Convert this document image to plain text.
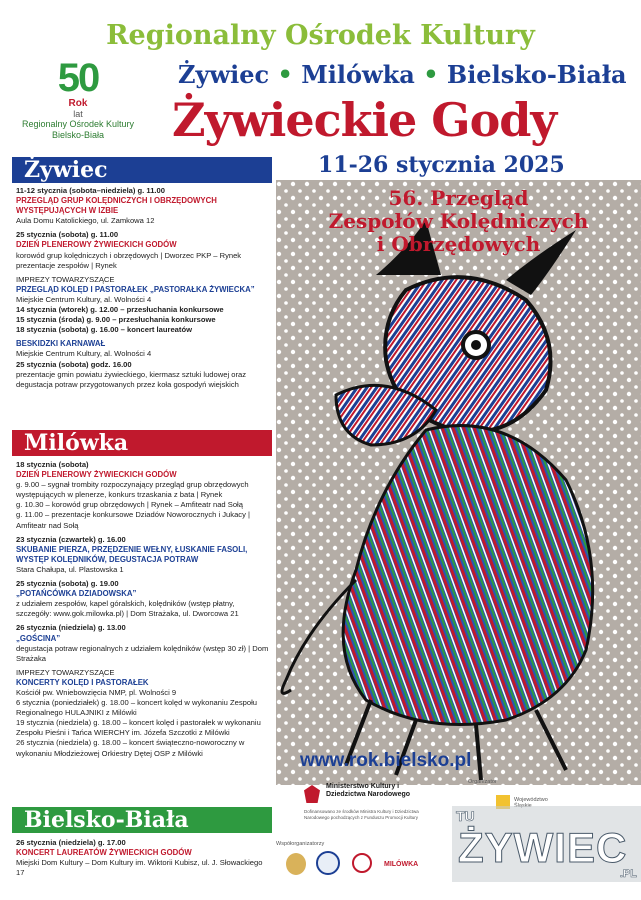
Regionalny Ośrodek Kultury
50
Rok
lat
Regionalny Ośrodek Kultury
Bielsko-Biała
Żywiec • Milówka • Bielsko-Biała
Żywieckie Gody
11-26 stycznia 2025
56. Przegląd
Zespołów Kolędniczych
i Obrzędowych
www.rok.bielsko.pl
Żywiec
11-12 stycznia (sobota–niedziela) g. 11.00
PRZEGLĄD GRUP KOLĘDNICZYCH I OBRZĘDOWYCH WYSTĘPUJĄCYCH W IZBIE
Aula Domu Katolickiego, ul. Zamkowa 12
25 stycznia (sobota) g. 11.00
DZIEŃ PLENEROWY ŻYWIECKICH GODÓW
korowód grup kolędniczych i obrzędowych | Dworzec PKP – Rynek prezentacje zespołów | Rynek
IMPREZY TOWARZYSZĄCE
PRZEGLĄD KOLĘD I PASTORAŁEK „PASTORAŁKA ŻYWIECKA”
Miejskie Centrum Kultury, al. Wolności 4
14 stycznia (wtorek) g. 12.00 – przesłuchania konkursowe
15 stycznia (środa) g. 9.00 – przesłuchania konkursowe
18 stycznia (sobota) g. 16.00 – koncert laureatów
BESKIDZKI KARNAWAŁ
Miejskie Centrum Kultury, al. Wolności 4
25 stycznia (sobota) godz. 16.00
prezentacje gmin powiatu żywieckiego, kiermasz sztuki ludowej oraz degustacja potraw przygotowanych przez koła gospodyń wiejskich
Milówka
18 stycznia (sobota)
DZIEŃ PLENEROWY ŻYWIECKICH GODÓW
g. 9.00 – sygnał trombity rozpoczynający przegląd grup obrzędowych występujących w plenerze, konkurs trzaskania z bata | Rynek
g. 10.30 – korowód grup obrzędowych | Rynek – Amfiteatr nad Sołą
g. 11.00 – prezentacje konkursowe Dziadów Noworocznych i Jukacy | Amfiteatr nad Sołą
23 stycznia (czwartek) g. 16.00
SKUBANIE PIERZA, PRZĘDZENIE WEŁNY, ŁUSKANIE FASOLI, WYSTĘP KOLĘDNIKÓW, DEGUSTACJA POTRAW
Stara Chałupa, ul. Plastowska 1
25 stycznia (sobota) g. 19.00
„POTAŃCÓWKA DZIADOWSKA”
z udziałem zespołów, kapel góralskich, kolędników (wstęp płatny, szczegóły: www.gok.milowka.pl) | Dom Strażaka, ul. Dworcowa 21
26 stycznia (niedziela) g. 13.00
„GOŚCINA”
degustacja potraw regionalnych z udziałem kolędników (wstęp 30 zł) | Dom Strażaka
IMPREZY TOWARZYSZĄCE
KONCERTY KOLĘD I PASTORAŁEK
Kościół pw. Wniebowzięcia NMP, pl. Wolności 9
6 stycznia (poniedziałek) g. 18.00 – koncert kolęd w wykonaniu Zespołu Regionalnego HULAJNIKI z Milówki
19 stycznia (niedziela) g. 18.00 – koncert kolęd i pastorałek w wykonaniu Zespołu Pieśni i Tańca WIERCHY im. Józefa Szczotki z Milówki
26 stycznia (niedziela) g. 18.00 – koncert świąteczno-noworoczny w wykonaniu Młodzieżowej Orkiestry Dętej OSP z Milówki
Bielsko-Biała
26 stycznia (niedziela) g. 17.00
KONCERT LAUREATÓW ŻYWIECKICH GODÓW
Miejski Dom Kultury – Dom Kultury im. Wiktorii Kubisz, ul. J. Słowackiego 17
Ministerstwo Kultury i Dziedzictwa Narodowego
Dofinansowano ze środków Ministra Kultury i Dziedzictwa Narodowego pochodzących z Funduszu Promocji Kultury
Organizator
Współorganizatorzy
MILÓWKA
Województwo
TU
ŻYWIEC
.PL
